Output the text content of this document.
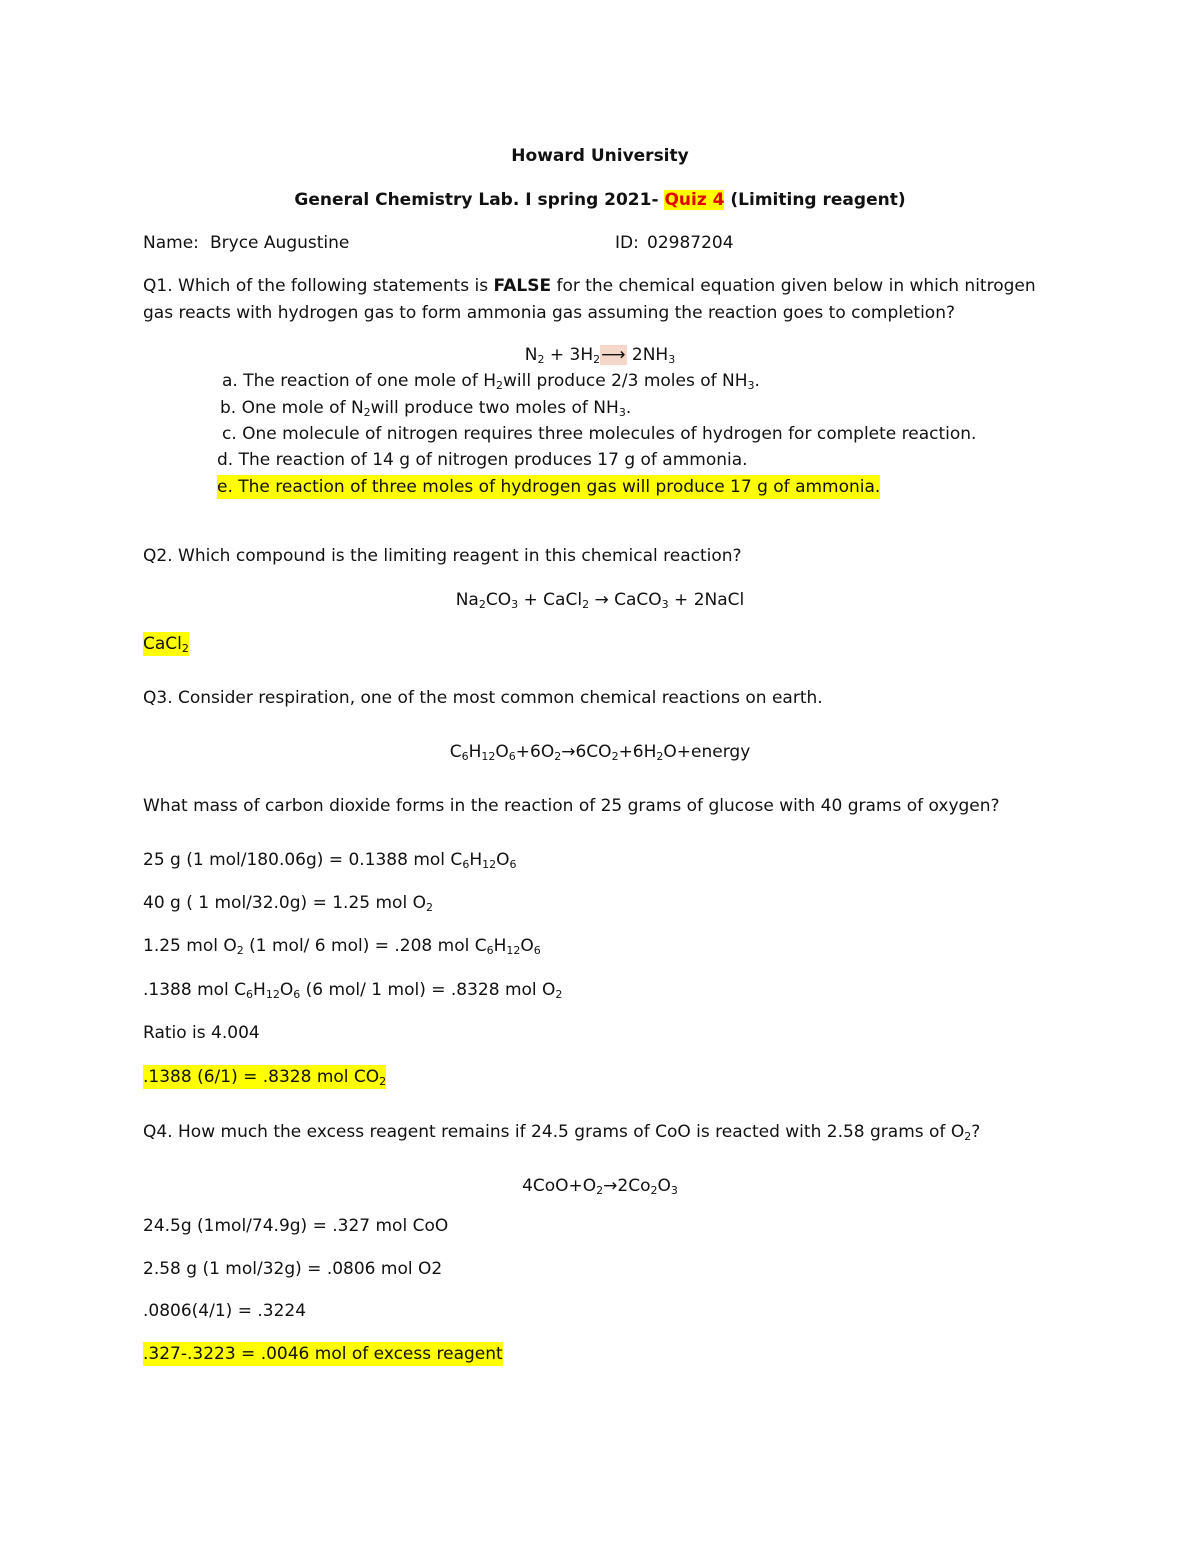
Howard University
General Chemistry Lab. I spring 2021- Quiz 4 (Limiting reagent)
Name: Bryce Augustine	ID: 02987204
Q1. Which of the following statements is FALSE for the chemical equation given below in which nitrogen
gas reacts with hydrogen gas to form ammonia gas assuming the reaction goes to completion?
$N_2$ + $3H_2⟶$ $2NH_3$
a. The reaction of one mole of $H_2will$ produce 2/3 moles of $NH_3$.
b. One mole of $N_2will$ produce two moles of $NH_3$.
c. One molecule of nitrogen requires three molecules of hydrogen for complete reaction.
d. The reaction of 14 g of nitrogen produces 17 g of ammonia.
e. The reaction of three moles of hydrogen gas will produce 17 g of ammonia.
Q2. Which compound is the limiting reagent in this chemical reaction?
$Na_2CO_3$ + CaCl$_2$ → CaCO$_3$ + 2NaCl
CaCl$_2$
Q3. Consider respiration, one of the most common chemical reactions on earth.
$C_6H_{12}O_6+6O_2\to 6CO_2+6H_2O+energy$
What mass of carbon dioxide forms in the reaction of 25 grams of glucose with 40 grams of oxygen?
25 g (1 mol/180.06g) = 0.1388 mol $C_6H_{12}O_6$
40 g ( 1 mol/32.0g) = 1.25 mol $O_2$
1.25 mol $O_2$ (1 mol/ 6 mol) = .208 mol $C_6H_{12}O_6$
.1388 mol $C_6H_{12}O_6$ (6 mol/ 1 mol) = .8328 mol $O_2$
Ratio is 4.004
.1388 (6/1) = .8328 mol $CO_2$
Q4. How much the excess reagent remains if 24.5 grams of CoO is reacted with 2.58 grams of $O_2$?
$4CoO+O_2\to 2Co_2O_3$
24.5g (1mol/74.9g) = .327 mol CoO
2.58 g (1 mol/32g) = .0806 mol O2
.0806(4/1) = .3224
.327-.3223 = .0046 mol of excess reagent
